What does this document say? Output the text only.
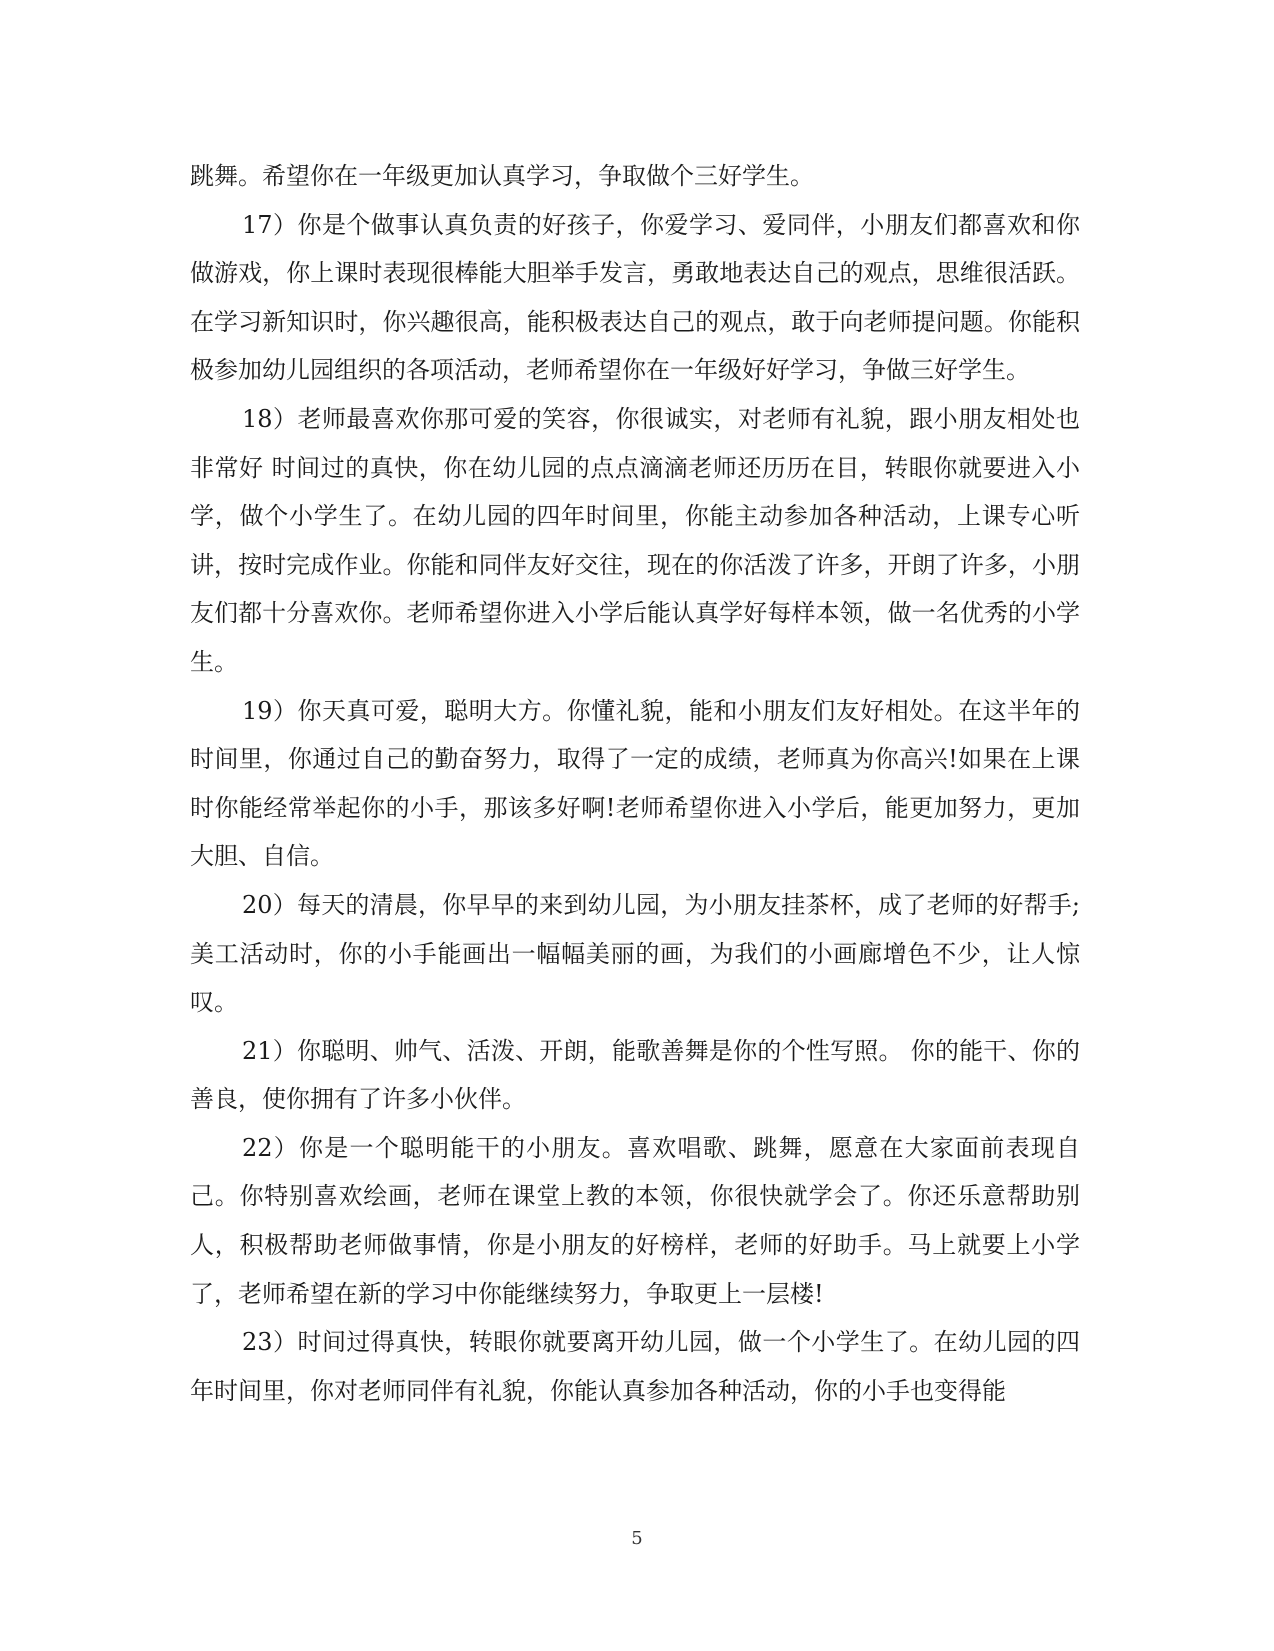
跳舞。希望你在一年级更加认真学习，争取做个三好学生。

17）你是个做事认真负责的好孩子，你爱学习、爱同伴，小朋友们都喜欢和你做游戏，你上课时表现很棒能大胆举手发言，勇敢地表达自己的观点，思维很活跃。在学习新知识时，你兴趣很高，能积极表达自己的观点，敢于向老师提问题。你能积极参加幼儿园组织的各项活动，老师希望你在一年级好好学习，争做三好学生。

18）老师最喜欢你那可爱的笑容，你很诚实，对老师有礼貌，跟小朋友相处也非常好 时间过的真快，你在幼儿园的点点滴滴老师还历历在目，转眼你就要进入小学，做个小学生了。在幼儿园的四年时间里，你能主动参加各种活动，上课专心听讲，按时完成作业。你能和同伴友好交往，现在的你活泼了许多，开朗了许多，小朋友们都十分喜欢你。老师希望你进入小学后能认真学好每样本领，做一名优秀的小学生。

19）你天真可爱，聪明大方。你懂礼貌，能和小朋友们友好相处。在这半年的时间里，你通过自己的勤奋努力，取得了一定的成绩，老师真为你高兴!如果在上课时你能经常举起你的小手，那该多好啊!老师希望你进入小学后，能更加努力，更加大胆、自信。

20）每天的清晨，你早早的来到幼儿园，为小朋友挂茶杯，成了老师的好帮手;美工活动时，你的小手能画出一幅幅美丽的画，为我们的小画廊增色不少，让人惊叹。

21）你聪明、帅气、活泼、开朗，能歌善舞是你的个性写照。 你的能干、你的善良，使你拥有了许多小伙伴。

22）你是一个聪明能干的小朋友。喜欢唱歌、跳舞，愿意在大家面前表现自己。你特别喜欢绘画，老师在课堂上教的本领，你很快就学会了。你还乐意帮助别人，积极帮助老师做事情，你是小朋友的好榜样，老师的好助手。马上就要上小学了，老师希望在新的学习中你能继续努力，争取更上一层楼!

23）时间过得真快，转眼你就要离开幼儿园，做一个小学生了。在幼儿园的四年时间里，你对老师同伴有礼貌，你能认真参加各种活动，你的小手也变得能

5
